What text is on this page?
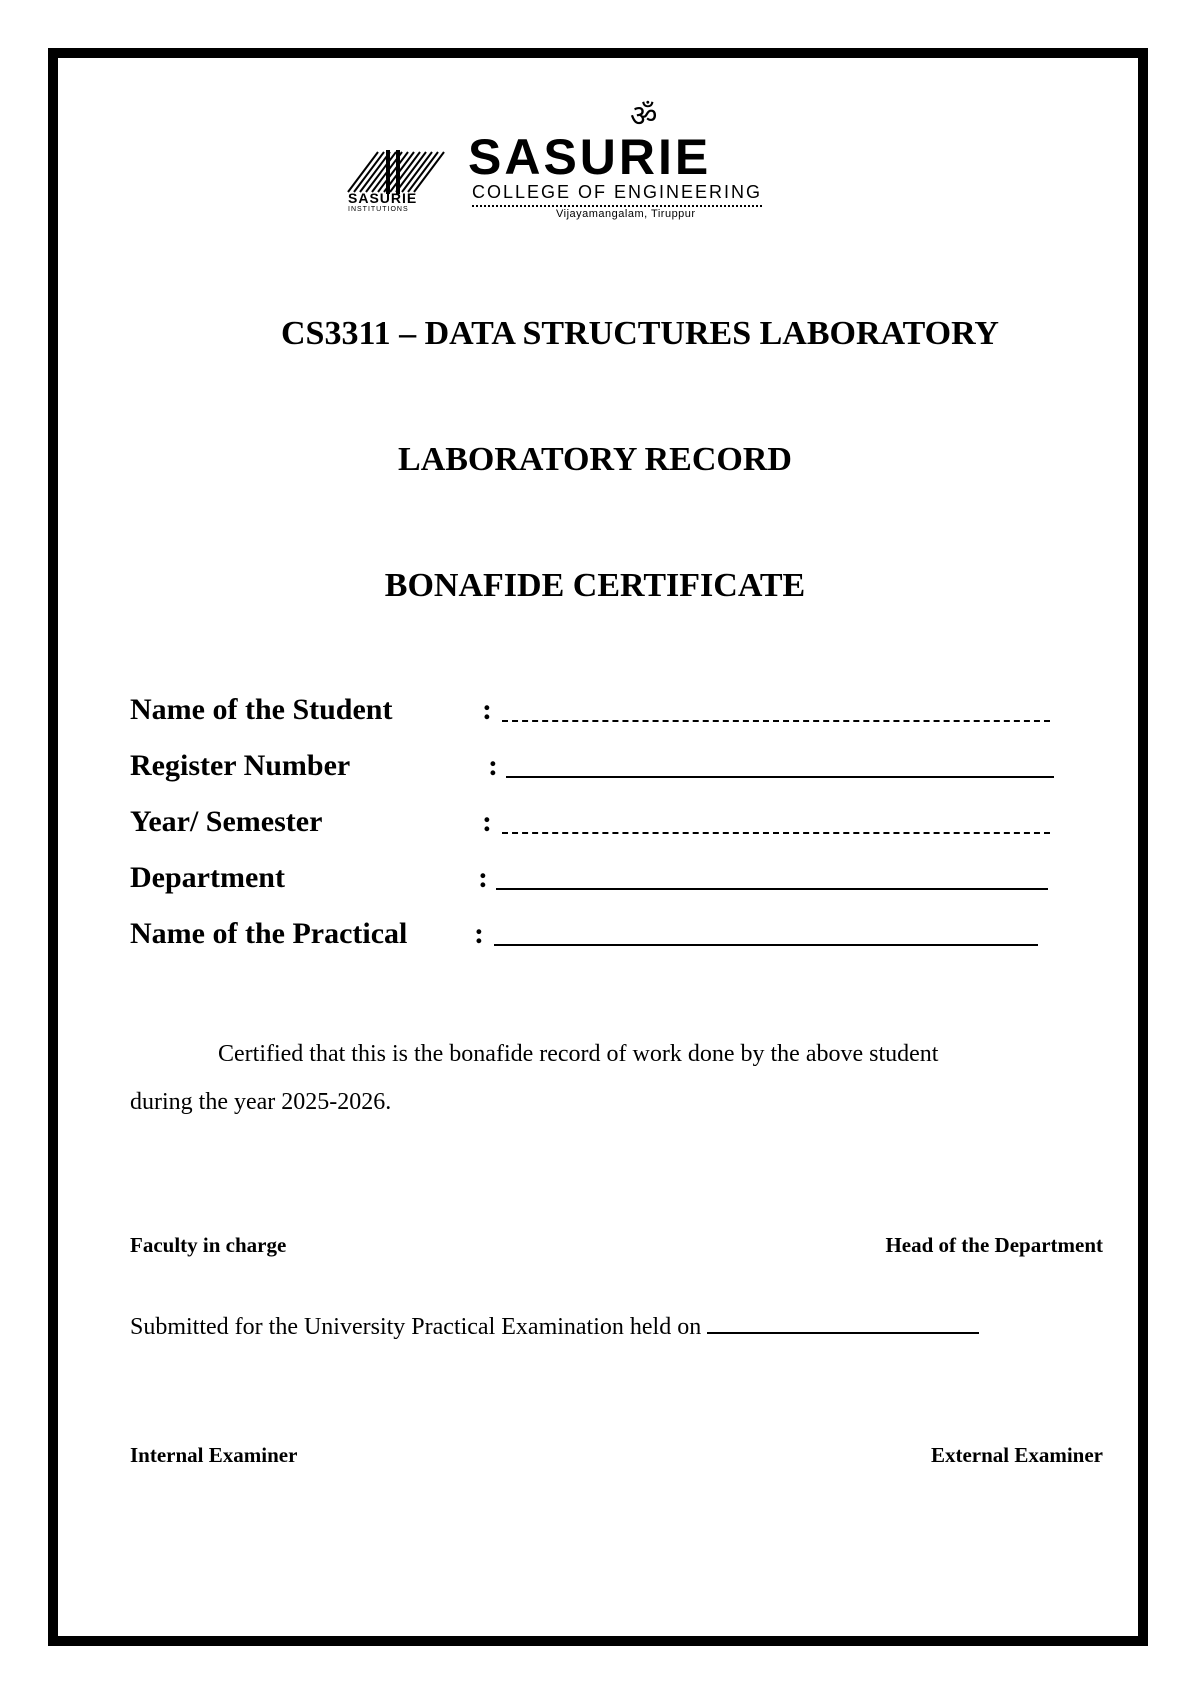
ॐ
SASURIE
INSTITUTIONS
SASURIE
COLLEGE OF ENGINEERING
Vijayamangalam, Tiruppur
CS3311 – DATA STRUCTURES LABORATORY
LABORATORY RECORD
BONAFIDE CERTIFICATE
Name of the Student	:
Register Number	:
Year/ Semester	:
Department	:
Name of the Practical :
Certified that this is the bonafide record of work done by the above student
during the year 2025-2026.
Faculty in charge	Head of the Department
Submitted for the University Practical Examination held on
Internal Examiner	External Examiner
